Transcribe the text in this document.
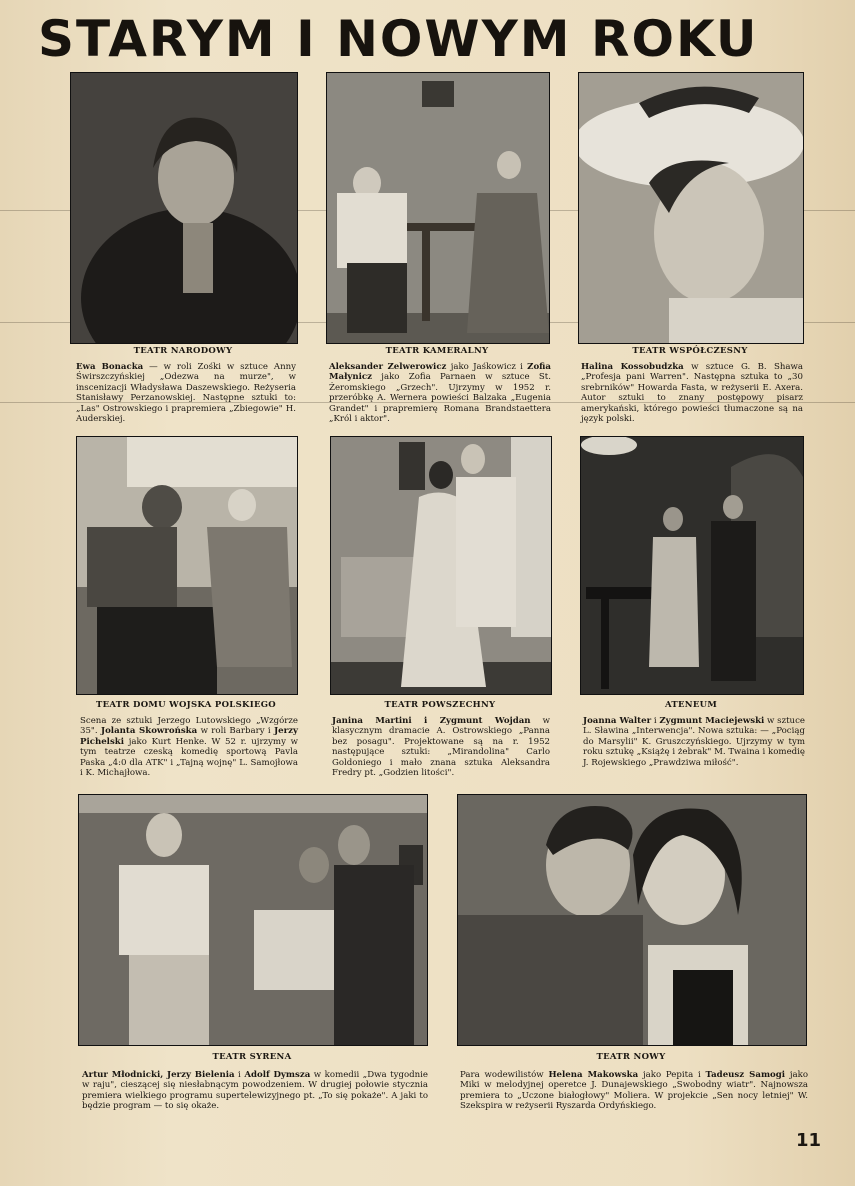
STARYM I NOWYM ROKU
TEATR NARODOWY	TEATR KAMERALNY	TEATR WSPÓŁCZESNY

Ewa Bonacka — w roli Zośki w sztuce Anny Świrszczyńskiej „Odezwa na murze", w inscenizacji Władysława Daszewskiego. Reżyseria Stanisławy Perzanowskiej. Następne sztuki to: „Las" Ostrowskiego i prapremiera „Zbiegowie" H. Auderskiej.

Aleksander Zelwerowicz jako Jaśkowicz i Zofia Małynicz jako Zofia Parnaen w sztuce St. Żeromskiego „Grzech". Ujrzymy w 1952 r. przeróbkę A. Wernera powieści Balzaka „Eugenia Grandet" i prapremierę Romana Brandstaettera „Król i aktor".

Halina Kossobudzka w sztuce G. B. Shawa „Profesja pani Warren". Następna sztuka to „30 srebrników" Howarda Fasta, w reżyserii E. Axera. Autor sztuki to znany postępowy pisarz amerykański, którego powieści tłumaczone są na język polski.

TEATR DOMU WOJSKA POLSKIEGO	TEATR POWSZECHNY	ATENEUM

Scena ze sztuki Jerzego Lutowskiego „Wzgórze 35". Jolanta Skowrońska w roli Barbary i Jerzy Pichelski jako Kurt Henke. W 52 r. ujrzymy w tym teatrze czeską komedię sportową Pavla Paska „4:0 dla ATK" i „Tajną wojnę" L. Samojłowa i K. Michajłowa.

Janina Martini i Zygmunt Wojdan w klasycznym dramacie A. Ostrowskiego „Panna bez posagu". Projektowane są na r. 1952 następujące sztuki: „Mirandolina" Carlo Goldoniego i mało znana sztuka Aleksandra Fredry pt. „Godzien litości".

Joanna Walter i Zygmunt Maciejewski w sztuce L. Sławina „Interwencja". Nowa sztuka: — „Pociąg do Marsylii" K. Gruszczyńskiego. Ujrzymy w tym roku sztukę „Książę i żebrak" M. Twaina i komedię J. Rojewskiego „Prawdziwa miłość".

TEATR SYRENA	TEATR NOWY

Artur Młodnicki, Jerzy Bielenia i Adolf Dymsza w komedii „Dwa tygodnie w raju", cieszącej się niesłabnącym powodzeniem. W drugiej połowie stycznia premiera wielkiego programu supertelewizyjnego pt. „To się pokaże". A jaki to będzie program — to się okaże.

Para wodewilistów Helena Makowska jako Pepita i Tadeusz Samogi jako Miki w melodyjnej operetce J. Dunajewskiego „Swobodny wiatr". Najnowsza premiera to „Uczone białogłowy" Moliera. W projekcie „Sen nocy letniej" W. Szekspira w reżyserii Ryszarda Ordyńskiego.

11
